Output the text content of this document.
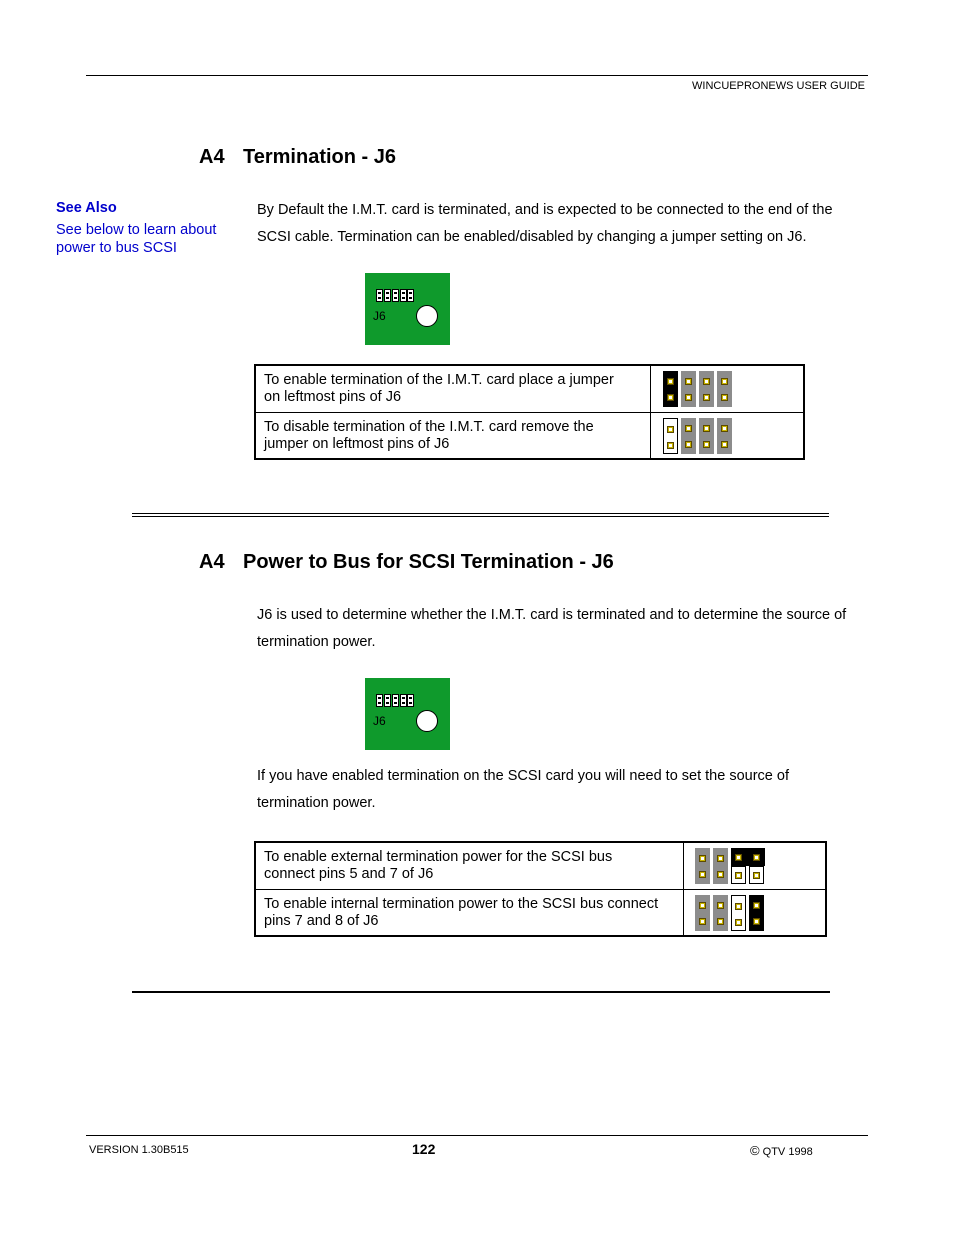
WINCUEPRONEWS USER GUIDE
A4 Termination - J6
See Also
See below to learn about
power to bus SCSI
By Default the I.M.T. card is terminated, and is expected to be connected to the end of the
SCSI cable. Termination can be enabled/disabled by changing a jumper setting on J6.
J6
To enable termination of the I.M.T. card place a jumper
on leftmost pins of J6	

To disable termination of the I.M.T. card remove the
jumper on leftmost pins of J6	

A4 Power to Bus for SCSI Termination - J6
J6 is used to determine whether the I.M.T. card is terminated and to determine the source of
termination power.
J6
If you have enabled termination on the SCSI card you will need to set the source of
termination power.
To enable external termination power for the SCSI bus
connect pins 5 and 7 of J6	

To enable internal termination power to the SCSI bus connect
pins 7 and 8 of J6	

VERSION 1.30B515	122	© QTV 1998
